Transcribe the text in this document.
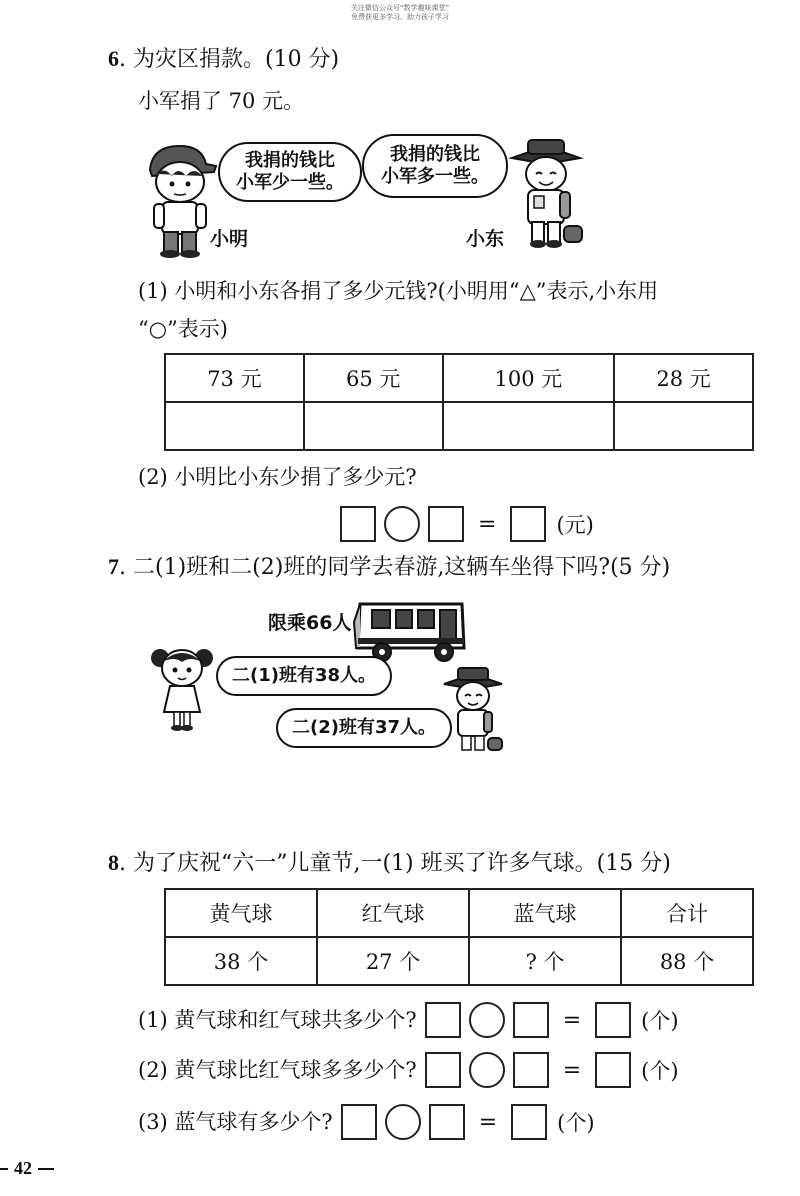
关注微信公众号“数学趣味课堂”
免费获更多学习、助力孩子学习
6. 为灾区捐款。(10 分)
小军捐了 70 元。
我捐的钱比
小军少一些。
小明
我捐的钱比
小军多一些。
小东
(1) 小明和小东各捐了多少元钱?(小明用“△”表示,小东用
“○”表示)
73 元	65 元	100 元	28 元

(2) 小明比小东少捐了多少元?
=	(元)
7. 二(1)班和二(2)班的同学去春游,这辆车坐得下吗?(5 分)
限乘66人
二(1)班有38人。
二(2)班有37人。
8. 为了庆祝“六一”儿童节,一(1) 班买了许多气球。(15 分)
黄气球	红气球	蓝气球	合计
38 个	27 个	? 个	88 个
(1) 黄气球和红气球共多少个?	=	(个)
(2) 黄气球比红气球多多少个?	=	(个)
(3) 蓝气球有多少个?	=	(个)
42
